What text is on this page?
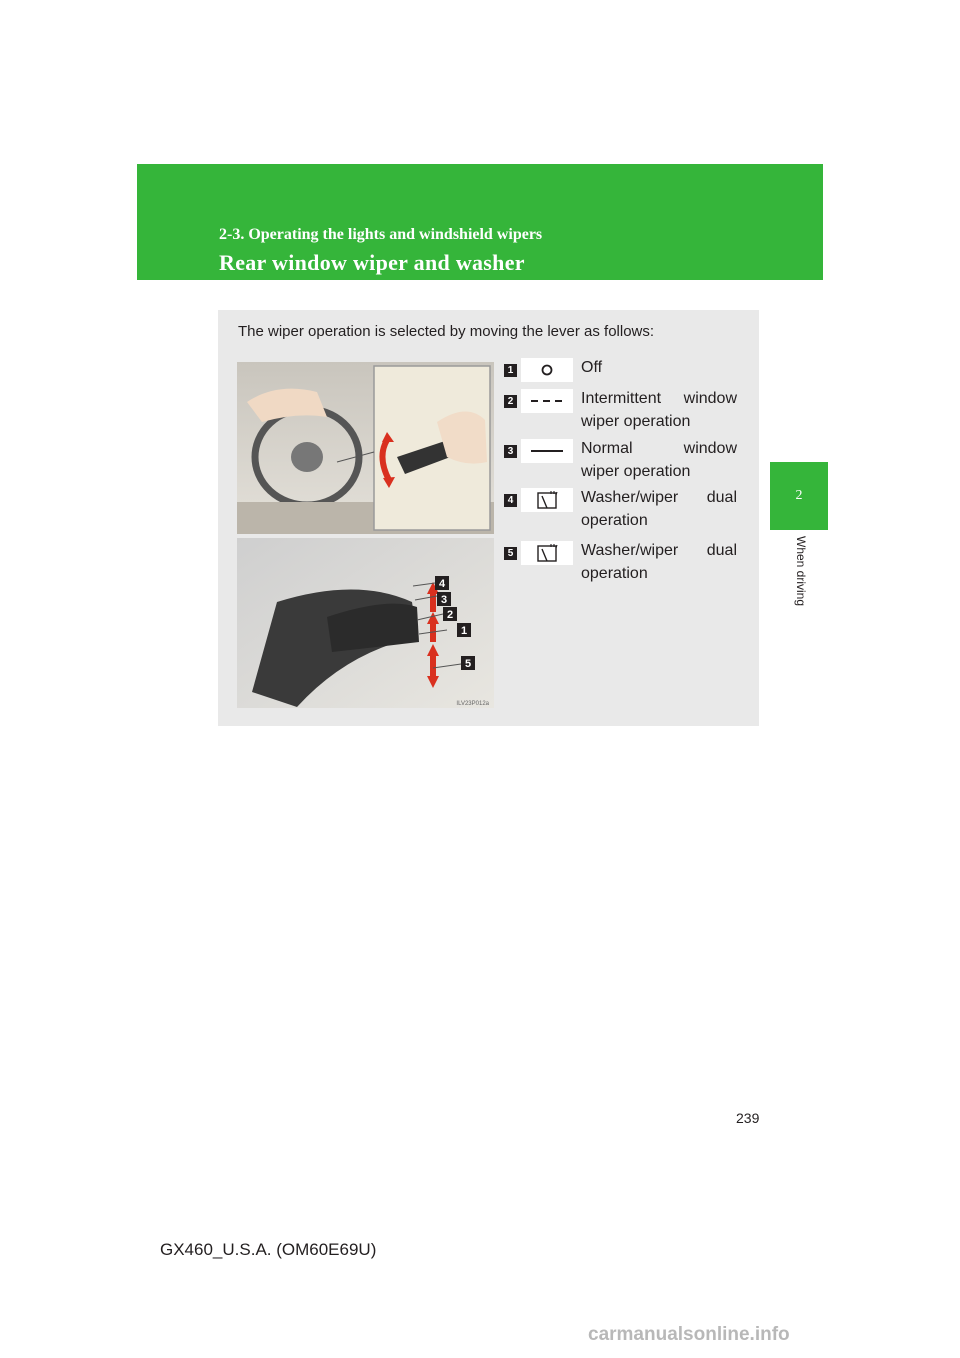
2-3. Operating the lights and windshield wipers
Rear window wiper and washer
2
When driving
The wiper operation is selected by moving the lever as follows:
4
3
2
1
5
ILV23P012a
1	Off
2	Intermittent window
wiper operation
3	Normal window
wiper operation
4	Washer/wiper dual
operation
5	Washer/wiper dual
operation
239
GX460_U.S.A. (OM60E69U)
carmanualsonline.info
